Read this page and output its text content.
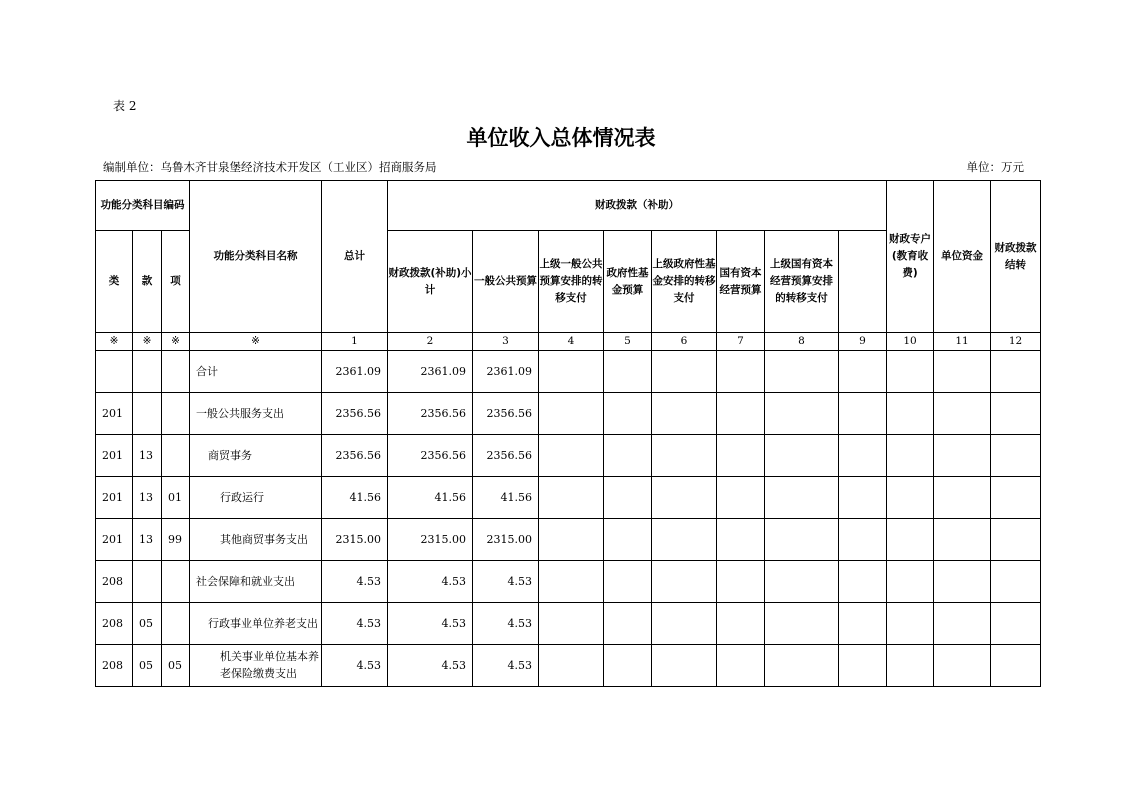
表 2
单位收入总体情况表
编制单位：乌鲁木齐甘泉堡经济技术开发区（工业区）招商服务局	单位：万元
功能分类科目编码			功能分类科目名称	总计	财政拨款（补助）								财政专户(教育收费)	单位资金	财政拨款结转	
类	款	项			财政拨款(补助)小计	一般公共预算	上级一般公共预算安排的转移支付	政府性基金预算	上级政府性基金安排的转移支付	国有资本经营预算	上级国有资本经营预算安排的转移支付					
※	※	※	※	1	2	3	4	5	6	7	8	9	10	11	12	
			合计	2361.09	2361.09	2361.09										
201			一般公共服务支出	2356.56	2356.56	2356.56										
201	13		商贸事务	2356.56	2356.56	2356.56										
201	13	01	行政运行	41.56	41.56	41.56										
201	13	99	其他商贸事务支出	2315.00	2315.00	2315.00										
208			社会保障和就业支出	4.53	4.53	4.53										
208	05		行政事业单位养老支出	4.53	4.53	4.53										
208	05	05	机关事业单位基本养老保险缴费支出	4.53	4.53	4.53										
